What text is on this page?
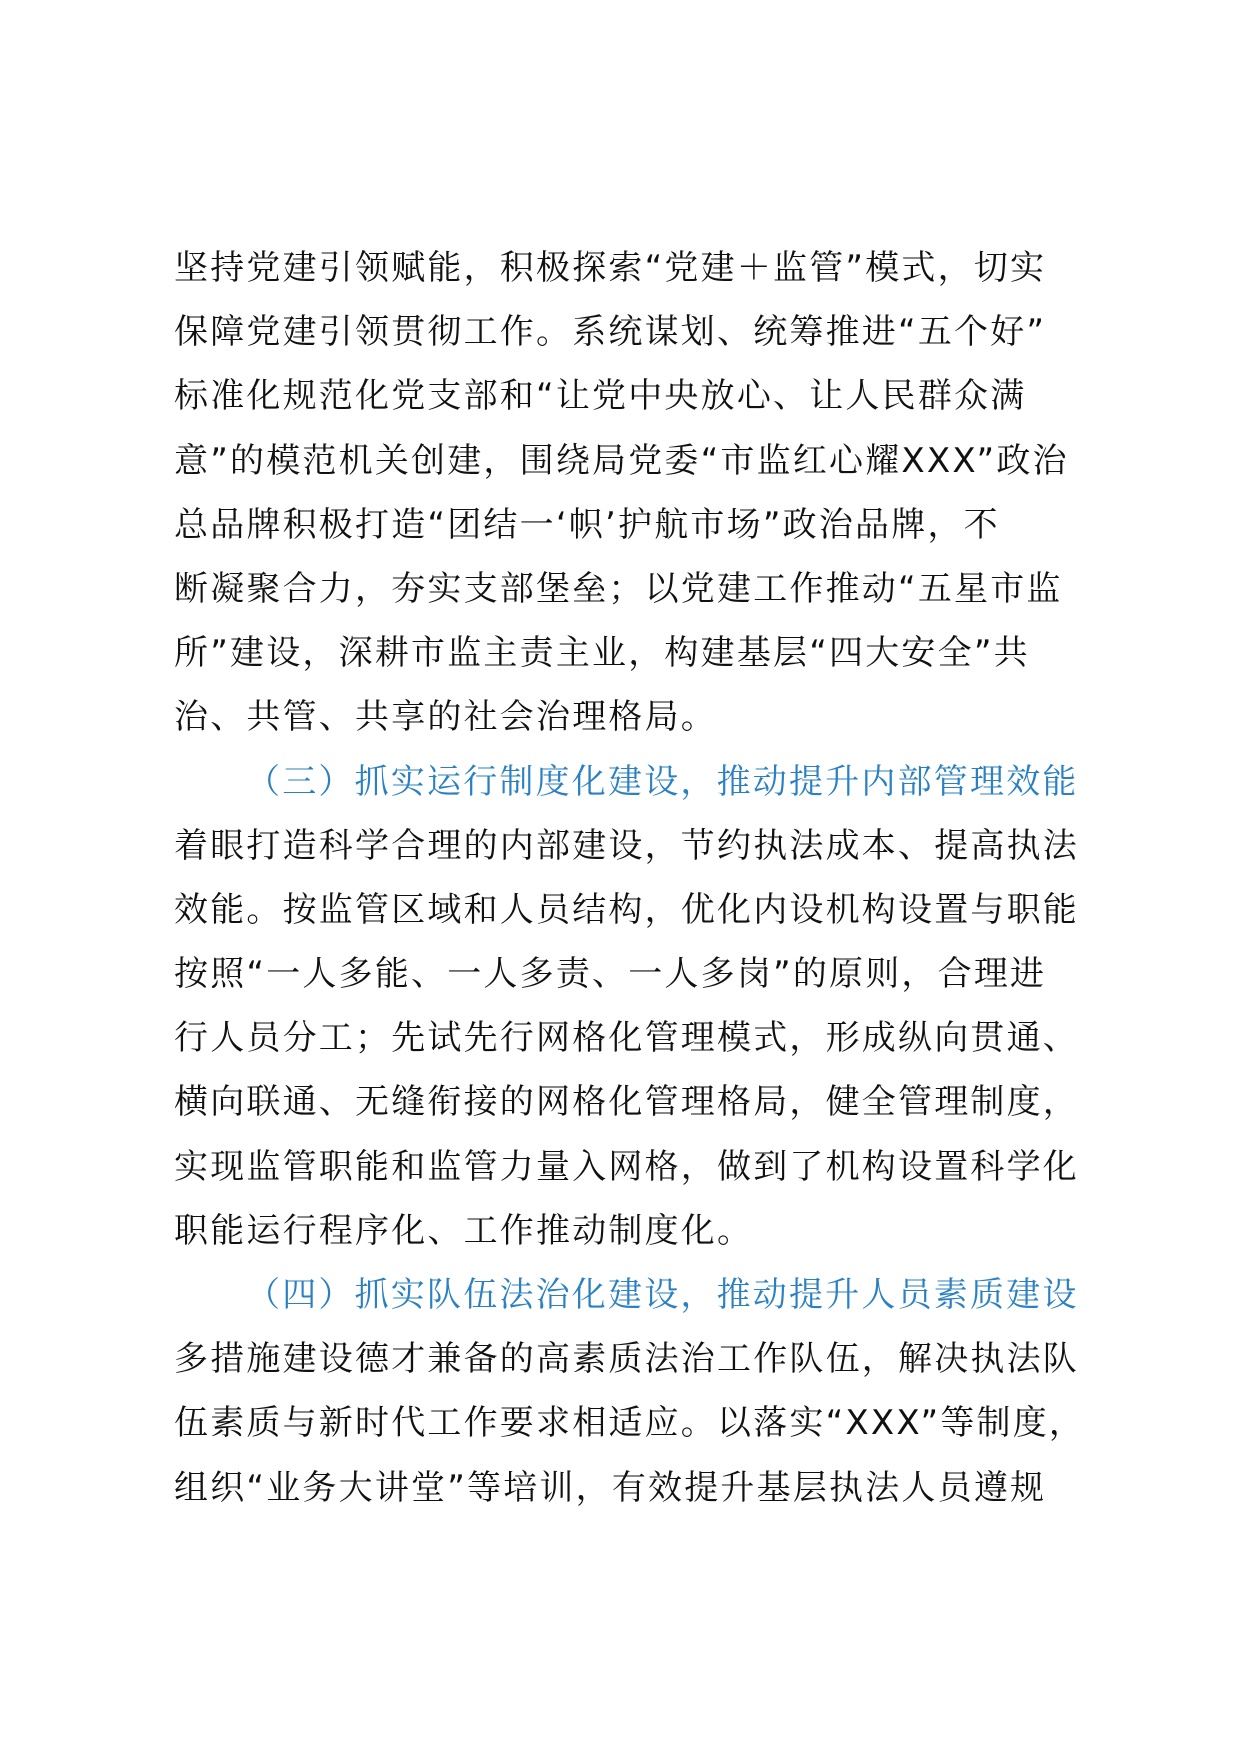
坚持党建引领赋能，积极探索“党建＋监管”模式，切实
保障党建引领贯彻工作。系统谋划、统筹推进“五个好”
标准化规范化党支部和“让党中央放心、让人民群众满
意”的模范机关创建，围绕局党委“市监红心耀XXX”政治
总品牌积极打造“团结一‘帜’护航市场”政治品牌，不
断凝聚合力，夯实支部堡垒；以党建工作推动“五星市监
所”建设，深耕市监主责主业，构建基层“四大安全”共
治、共管、共享的社会治理格局。
（三）抓实运行制度化建设，推动提升内部管理效能
着眼打造科学合理的内部建设，节约执法成本、提高执法
效能。按监管区域和人员结构，优化内设机构设置与职能
按照“一人多能、一人多责、一人多岗”的原则，合理进
行人员分工；先试先行网格化管理模式，形成纵向贯通、
横向联通、无缝衔接的网格化管理格局，健全管理制度，
实现监管职能和监管力量入网格，做到了机构设置科学化
职能运行程序化、工作推动制度化。
（四）抓实队伍法治化建设，推动提升人员素质建设
多措施建设德才兼备的高素质法治工作队伍，解决执法队
伍素质与新时代工作要求相适应。以落实“XXX”等制度，
组织“业务大讲堂”等培训，有效提升基层执法人员遵规
